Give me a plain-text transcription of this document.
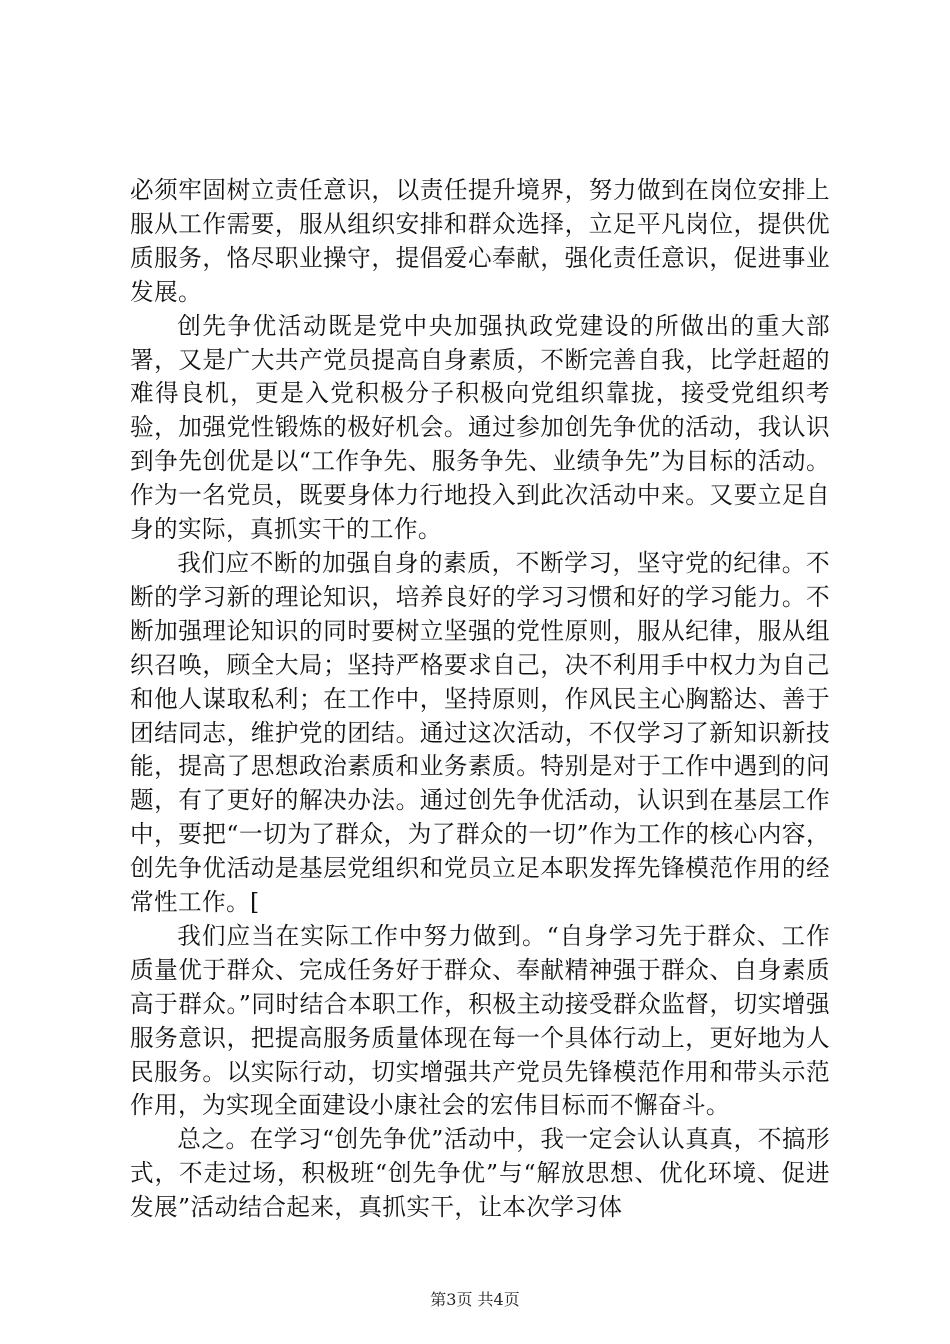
必须牢固树立责任意识，以责任提升境界，努力做到在岗位安排上服从工作需要，服从组织安排和群众选择，立足平凡岗位，提供优质服务，恪尽职业操守，提倡爱心奉献，强化责任意识，促进事业发展。

创先争优活动既是党中央加强执政党建设的所做出的重大部署，又是广大共产党员提高自身素质，不断完善自我，比学赶超的难得良机，更是入党积极分子积极向党组织靠拢，接受党组织考验，加强党性锻炼的极好机会。通过参加创先争优的活动，我认识到争先创优是以“工作争先、服务争先、业绩争先”为目标的活动。作为一名党员，既要身体力行地投入到此次活动中来。又要立足自身的实际，真抓实干的工作。

我们应不断的加强自身的素质，不断学习，坚守党的纪律。不断的学习新的理论知识，培养良好的学习习惯和好的学习能力。不断加强理论知识的同时要树立坚强的党性原则，服从纪律，服从组织召唤，顾全大局；坚持严格要求自己，决不利用手中权力为自己和他人谋取私利；在工作中，坚持原则，作风民主心胸豁达、善于团结同志，维护党的团结。通过这次活动，不仅学习了新知识新技能，提高了思想政治素质和业务素质。特别是对于工作中遇到的问题，有了更好的解决办法。通过创先争优活动，认识到在基层工作中，要把“一切为了群众，为了群众的一切”作为工作的核心内容，创先争优活动是基层党组织和党员立足本职发挥先锋模范作用的经常性工作。[

我们应当在实际工作中努力做到。“自身学习先于群众、工作质量优于群众、完成任务好于群众、奉献精神强于群众、自身素质高于群众。”同时结合本职工作，积极主动接受群众监督，切实增强服务意识，把提高服务质量体现在每一个具体行动上，更好地为人民服务。以实际行动，切实增强共产党员先锋模范作用和带头示范作用，为实现全面建设小康社会的宏伟目标而不懈奋斗。

总之。在学习“创先争优”活动中，我一定会认认真真，不搞形式，不走过场，积极班“创先争优”与“解放思想、优化环境、促进发展”活动结合起来，真抓实干，让本次学习体

第3页 共4页
